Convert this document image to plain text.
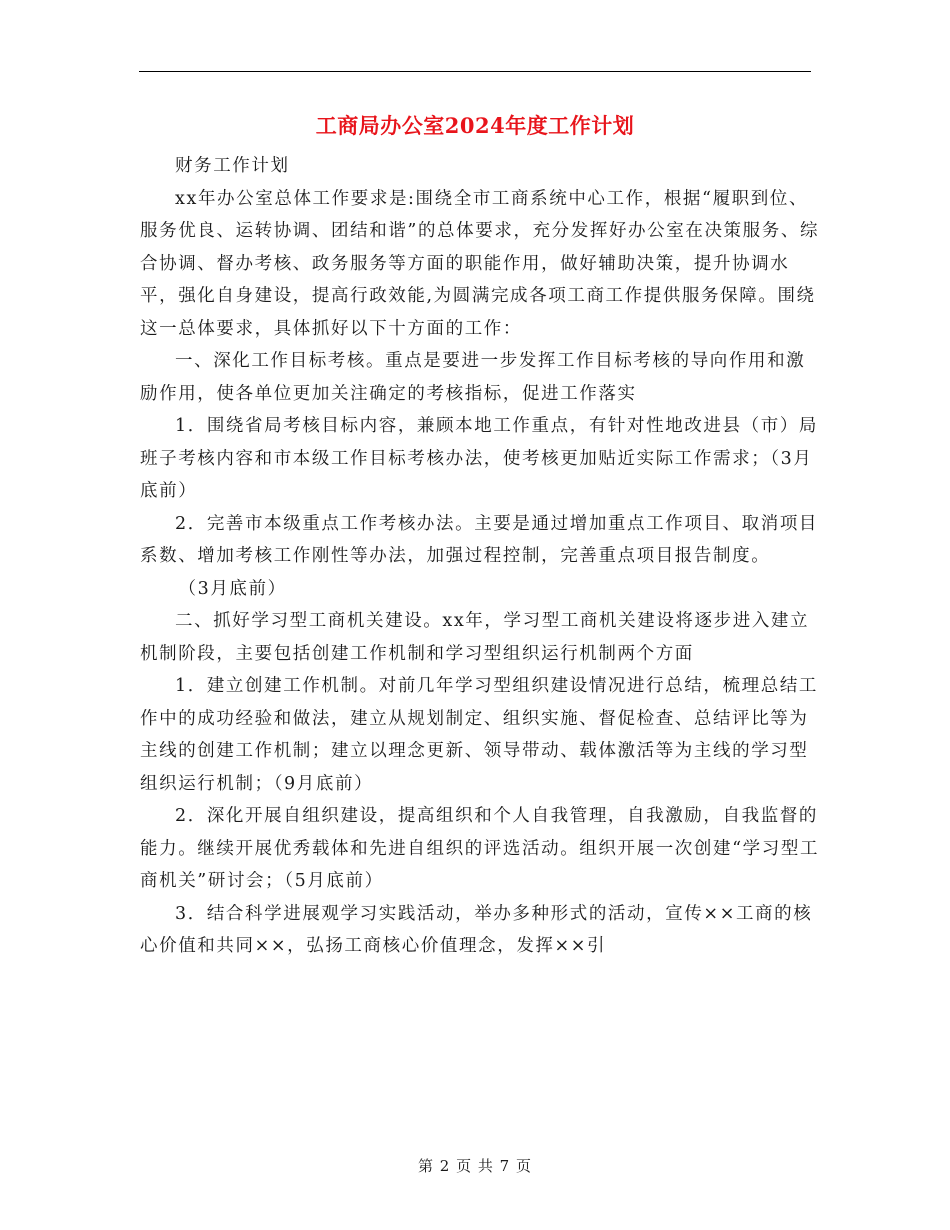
工商局办公室2024年度工作计划

财务工作计划

xx年办公室总体工作要求是:围绕全市工商系统中心工作，根据“履职到位、服务优良、运转协调、团结和谐”的总体要求，充分发挥好办公室在决策服务、综合协调、督办考核、政务服务等方面的职能作用，做好辅助决策，提升协调水平，强化自身建设，提高行政效能,为圆满完成各项工商工作提供服务保障。围绕这一总体要求，具体抓好以下十方面的工作：

一、深化工作目标考核。重点是要进一步发挥工作目标考核的导向作用和激励作用，使各单位更加关注确定的考核指标，促进工作落实

1．围绕省局考核目标内容，兼顾本地工作重点，有针对性地改进县（市）局班子考核内容和市本级工作目标考核办法，使考核更加贴近实际工作需求；（3月底前）

2．完善市本级重点工作考核办法。主要是通过增加重点工作项目、取消项目系数、增加考核工作刚性等办法，加强过程控制，完善重点项目报告制度。

（3月底前）

二、抓好学习型工商机关建设。xx年，学习型工商机关建设将逐步进入建立机制阶段，主要包括创建工作机制和学习型组织运行机制两个方面

1．建立创建工作机制。对前几年学习型组织建设情况进行总结，梳理总结工作中的成功经验和做法，建立从规划制定、组织实施、督促检查、总结评比等为主线的创建工作机制；建立以理念更新、领导带动、载体激活等为主线的学习型组织运行机制；（9月底前）

2．深化开展自组织建设，提高组织和个人自我管理，自我激励，自我监督的能力。继续开展优秀载体和先进自组织的评选活动。组织开展一次创建“学习型工商机关”研讨会；（5月底前）

3．结合科学进展观学习实践活动，举办多种形式的活动，宣传××工商的核心价值和共同××，弘扬工商核心价值理念，发挥××引

第 2 页 共 7 页
